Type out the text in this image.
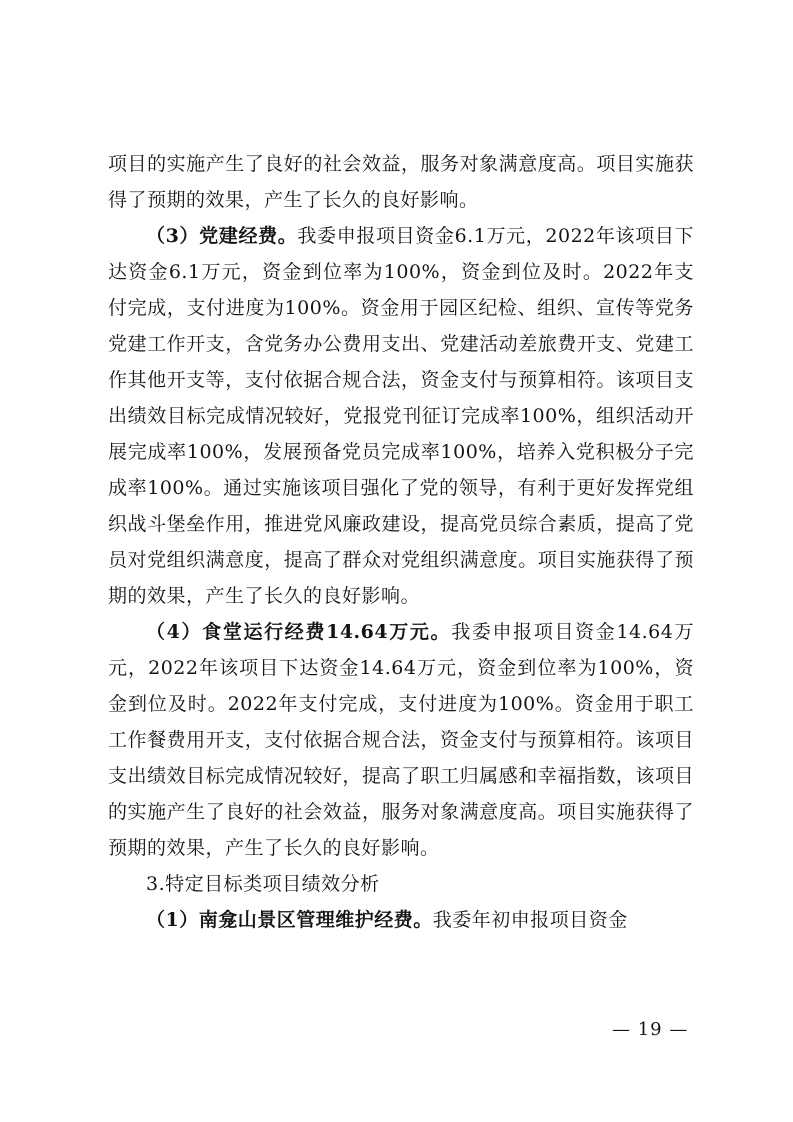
项目的实施产生了良好的社会效益，服务对象满意度高。项目实施获得了预期的效果，产生了长久的良好影响。

（3）党建经费。我委申报项目资金6.1万元，2022年该项目下达资金6.1万元，资金到位率为100%，资金到位及时。2022年支付完成，支付进度为100%。资金用于园区纪检、组织、宣传等党务党建工作开支，含党务办公费用支出、党建活动差旅费开支、党建工作其他开支等，支付依据合规合法，资金支付与预算相符。该项目支出绩效目标完成情况较好，党报党刊征订完成率100%，组织活动开展完成率100%，发展预备党员完成率100%，培养入党积极分子完成率100%。通过实施该项目强化了党的领导，有利于更好发挥党组织战斗堡垒作用，推进党风廉政建设，提高党员综合素质，提高了党员对党组织满意度，提高了群众对党组织满意度。项目实施获得了预期的效果，产生了长久的良好影响。

（4）食堂运行经费14.64万元。我委申报项目资金14.64万元，2022年该项目下达资金14.64万元，资金到位率为100%，资金到位及时。2022年支付完成，支付进度为100%。资金用于职工工作餐费用开支，支付依据合规合法，资金支付与预算相符。该项目支出绩效目标完成情况较好，提高了职工归属感和幸福指数，该项目的实施产生了良好的社会效益，服务对象满意度高。项目实施获得了预期的效果，产生了长久的良好影响。

3.特定目标类项目绩效分析

（1）南龛山景区管理维护经费。我委年初申报项目资金

— 19 —
